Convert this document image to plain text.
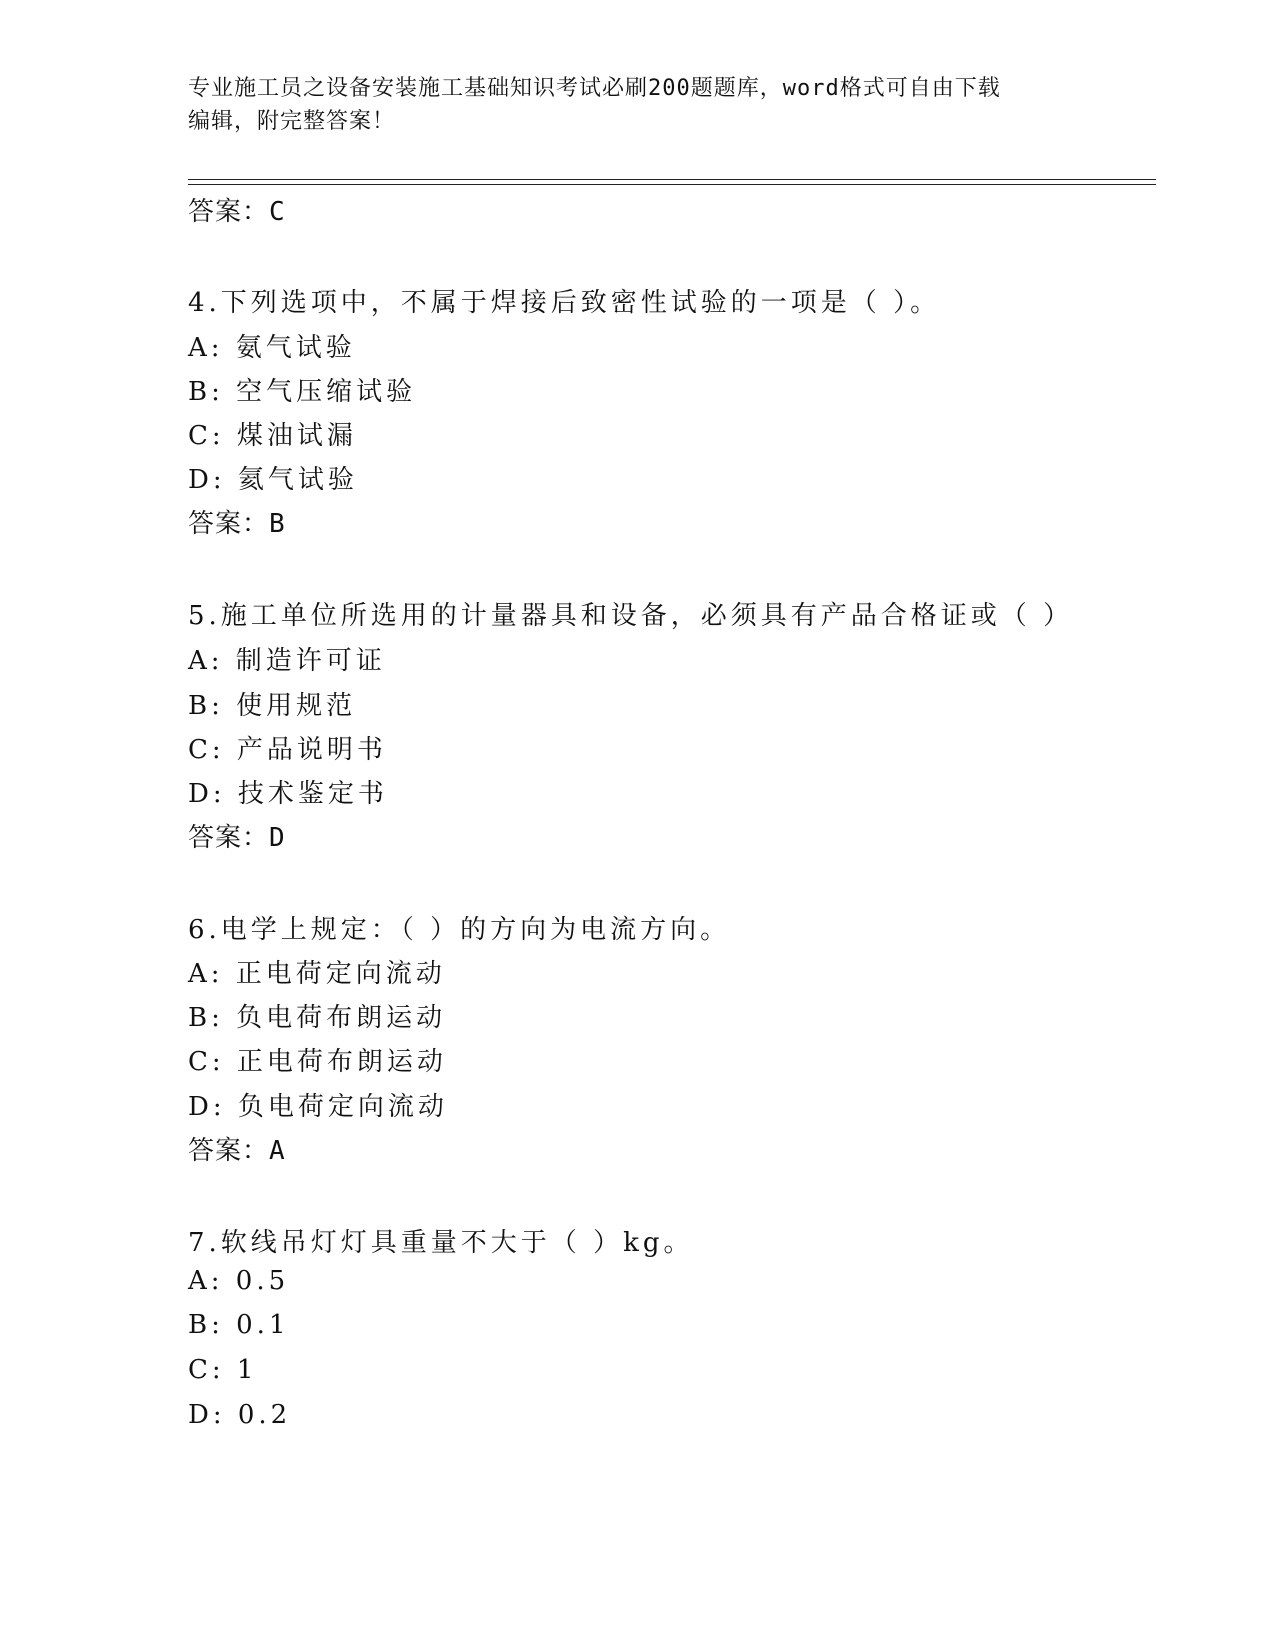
专业施工员之设备安装施工基础知识考试必刷200题题库，word格式可自由下载
编辑，附完整答案！
答案：C
4.下列选项中，不属于焊接后致密性试验的一项是（ ）。
A: 氨气试验
B: 空气压缩试验
C: 煤油试漏
D: 氦气试验
答案：B
5.施工单位所选用的计量器具和设备，必须具有产品合格证或（ ）
A: 制造许可证
B: 使用规范
C: 产品说明书
D: 技术鉴定书
答案：D
6.电学上规定：（ ）的方向为电流方向。
A: 正电荷定向流动
B: 负电荷布朗运动
C: 正电荷布朗运动
D: 负电荷定向流动
答案：A
7.软线吊灯灯具重量不大于（ ）kg。
A: 0.5
B: 0.1
C: 1
D: 0.2
